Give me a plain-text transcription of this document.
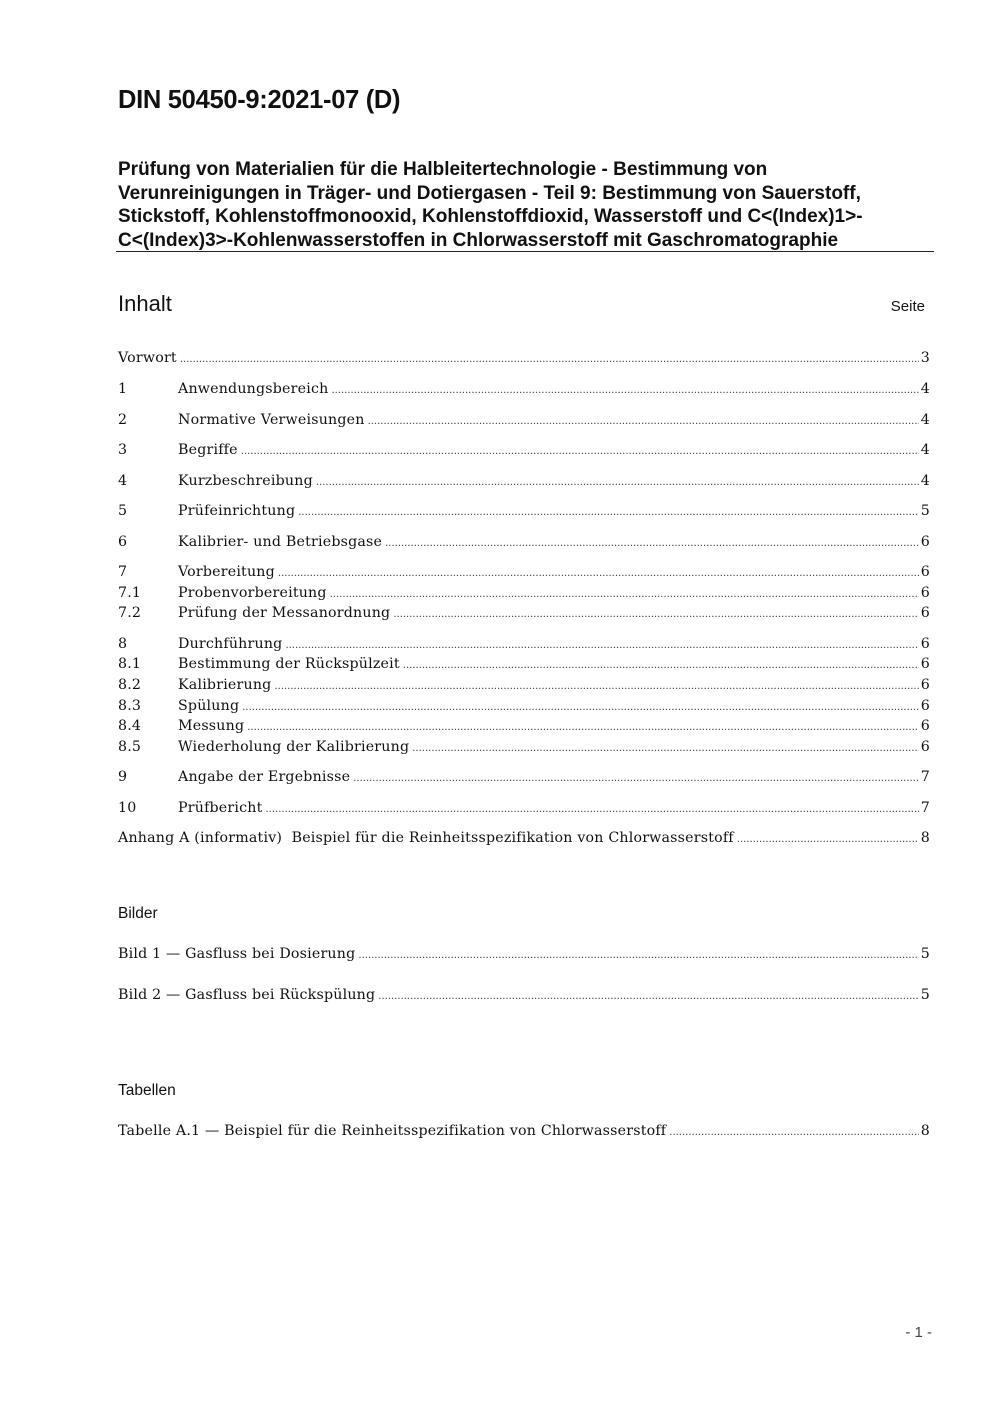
DIN 50450-9:2021-07 (D)
Prüfung von Materialien für die Halbleitertechnologie - Bestimmung von Verunreinigungen in Träger- und Dotiergasen - Teil 9: Bestimmung von Sauerstoff, Stickstoff, Kohlenstoffmonooxid, Kohlenstoffdioxid, Wasserstoff und C<(Index)1>-C<(Index)3>-Kohlenwasserstoffen in Chlorwasserstoff mit Gaschromatographie
Inhalt	Seite
Vorwort .....	3
1	Anwendungsbereich .....	4
2	Normative Verweisungen .....	4
3	Begriffe .....	4
4	Kurzbeschreibung .....	4
5	Prüfeinrichtung .....	5
6	Kalibrier- und Betriebsgase .....	6
7	Vorbereitung .....	6
7.1	Probenvorbereitung .....	6
7.2	Prüfung der Messanordnung .....	6
8	Durchführung .....	6
8.1	Bestimmung der Rückspülzeit .....	6
8.2	Kalibrierung .....	6
8.3	Spülung .....	6
8.4	Messung .....	6
8.5	Wiederholung der Kalibrierung .....	6
9	Angabe der Ergebnisse .....	7
10	Prüfbericht .....	7
Anhang A (informativ)  Beispiel für die Reinheitsspezifikation von Chlorwasserstoff .....	8
Bilder
Bild 1 — Gasfluss bei Dosierung .....	5
Bild 2 — Gasfluss bei Rückspülung .....	5
Tabellen
Tabelle A.1 — Beispiel für die Reinheitsspezifikation von Chlorwasserstoff .....	8
- 1 -
